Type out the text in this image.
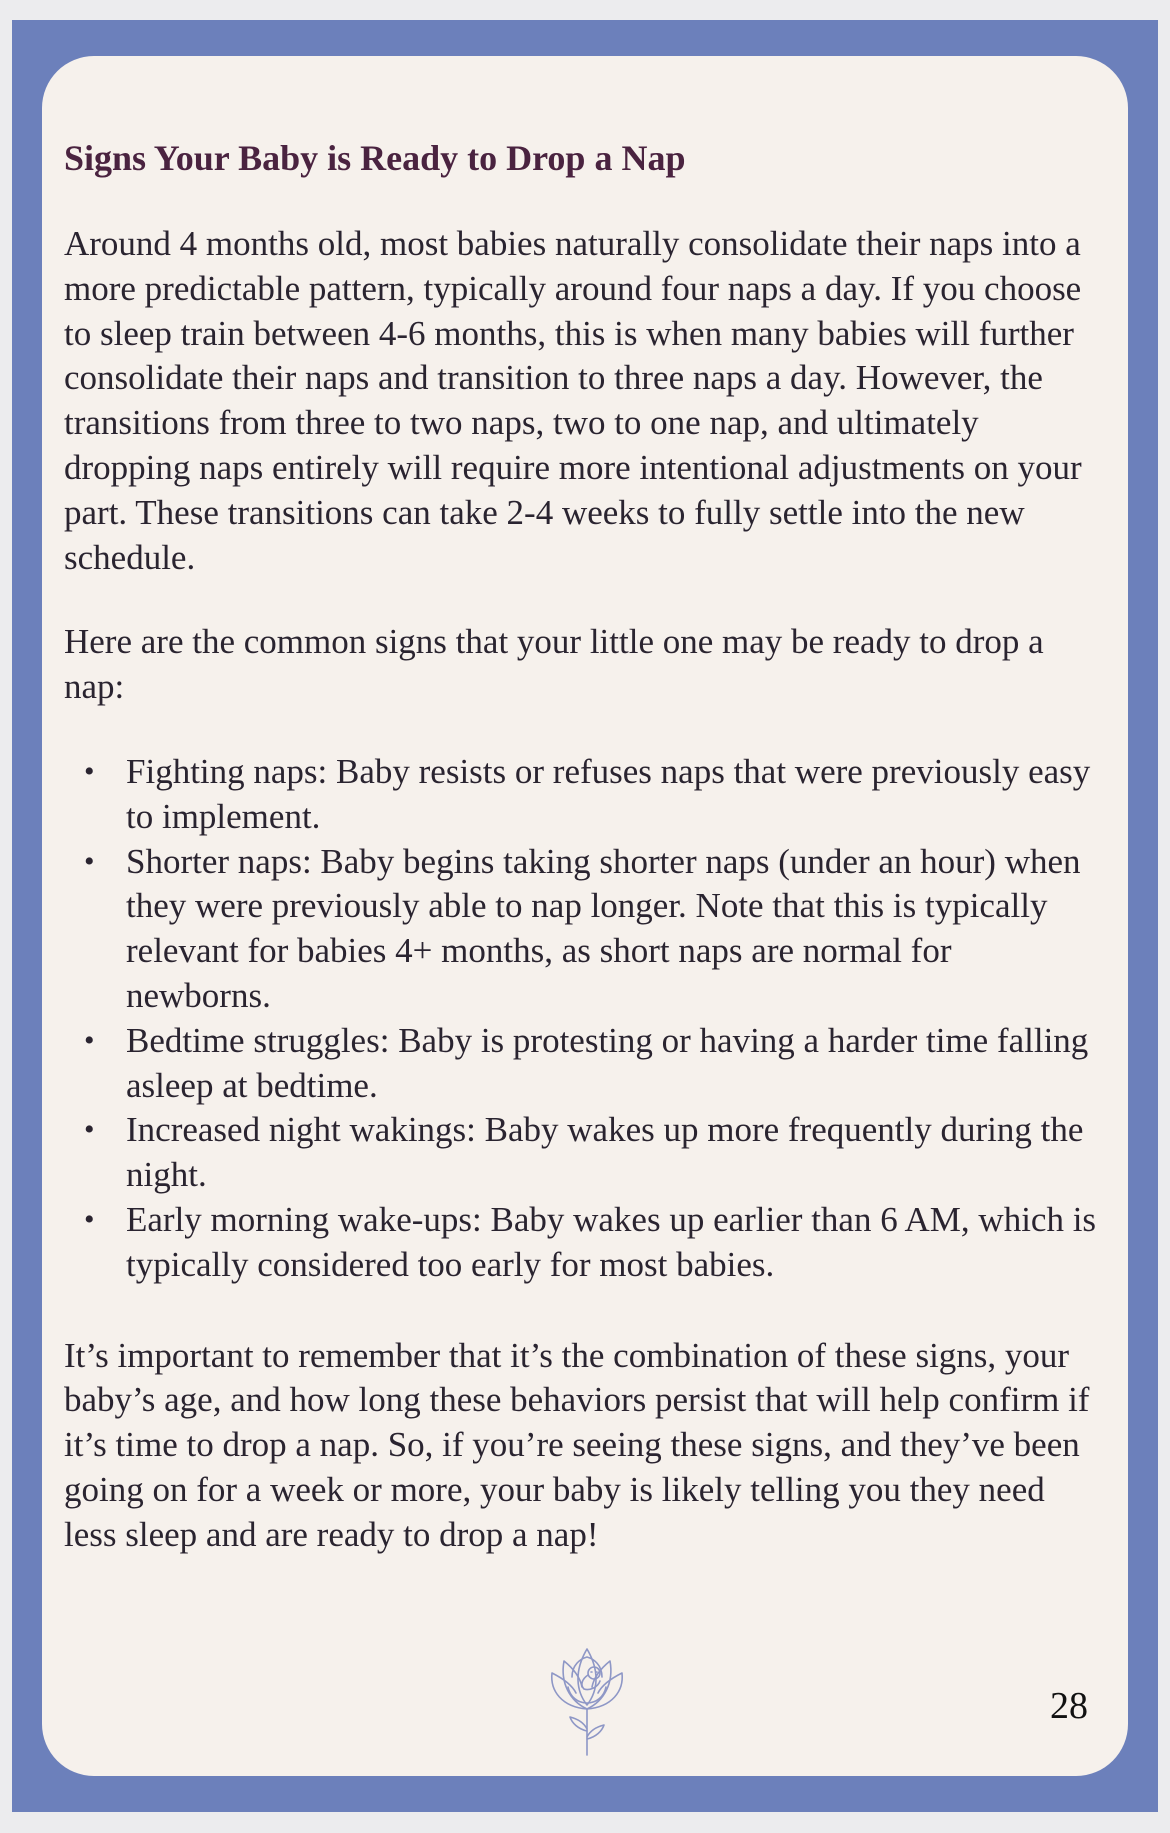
Signs Your Baby is Ready to Drop a Nap

Around 4 months old, most babies naturally consolidate their naps into a more predictable pattern, typically around four naps a day. If you choose to sleep train between 4-6 months, this is when many babies will further consolidate their naps and transition to three naps a day. However, the transitions from three to two naps, two to one nap, and ultimately dropping naps entirely will require more intentional adjustments on your part. These transitions can take 2-4 weeks to fully settle into the new schedule.

Here are the common signs that your little one may be ready to drop a nap:

• Fighting naps: Baby resists or refuses naps that were previously easy to implement.
• Shorter naps: Baby begins taking shorter naps (under an hour) when they were previously able to nap longer. Note that this is typically relevant for babies 4+ months, as short naps are normal for newborns.
• Bedtime struggles: Baby is protesting or having a harder time falling asleep at bedtime.
• Increased night wakings: Baby wakes up more frequently during the night.
• Early morning wake-ups: Baby wakes up earlier than 6 AM, which is typically considered too early for most babies.

It’s important to remember that it’s the combination of these signs, your baby’s age, and how long these behaviors persist that will help confirm if it’s time to drop a nap. So, if you’re seeing these signs, and they’ve been going on for a week or more, your baby is likely telling you they need less sleep and are ready to drop a nap!

28
